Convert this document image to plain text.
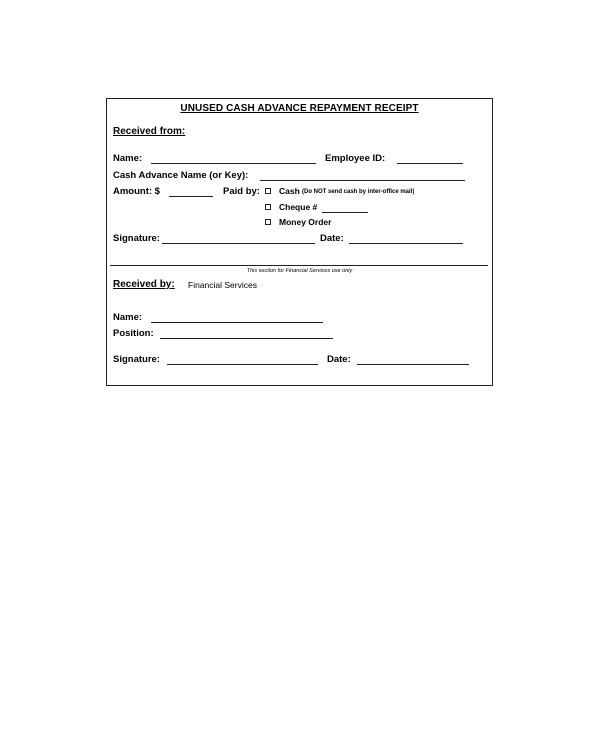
UNUSED CASH ADVANCE REPAYMENT RECEIPT
Received from:
Name:	Employee ID:
Cash Advance Name (or Key):
Amount: $	Paid by: Cash (Do NOT send cash by inter-office mail)
Cheque #
Money Order
Signature:	Date:
This section for Financial Services use only
Received by: Financial Services
Name:
Position:
Signature:	Date:
